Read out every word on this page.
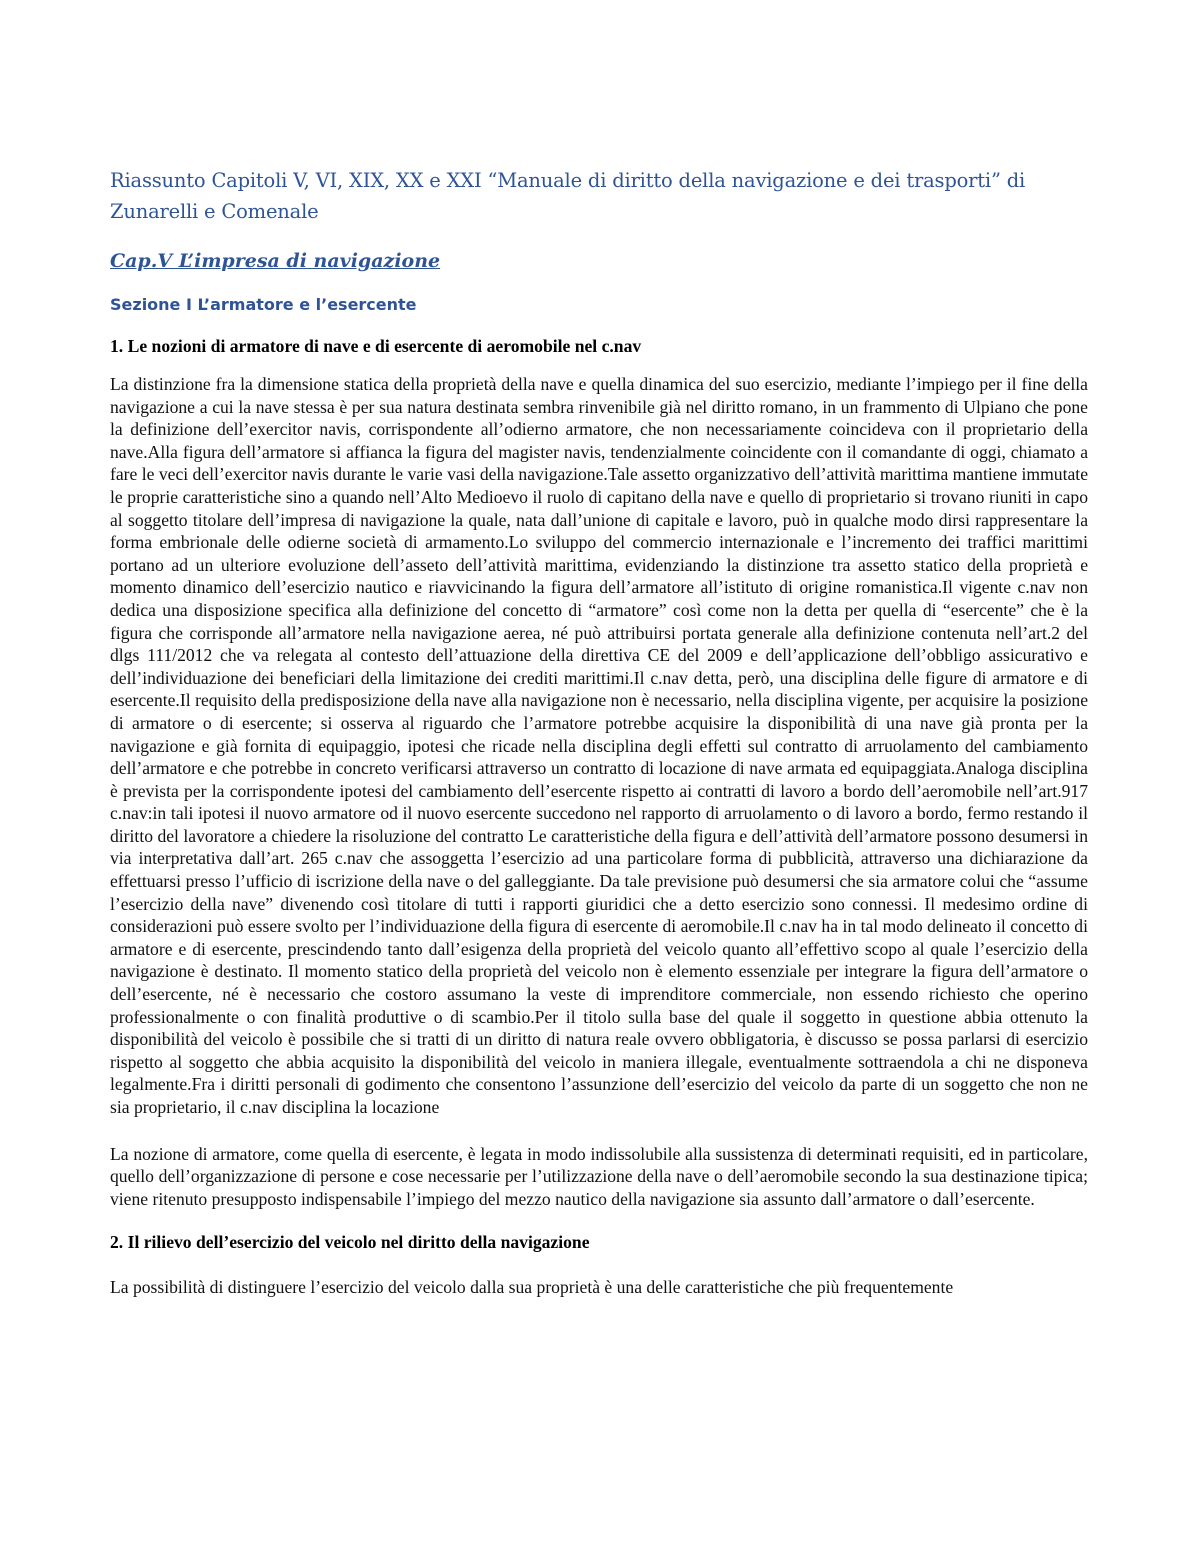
Riassunto Capitoli V, VI, XIX, XX e XXI “Manuale di diritto della navigazione e dei trasporti” di Zunarelli e Comenale
Cap.V L’impresa di navigazione
Sezione I L’armatore e l’esercente
1. Le nozioni di armatore di nave e di esercente di aeromobile nel c.nav

La distinzione fra la dimensione statica della proprietà della nave e quella dinamica del suo esercizio, mediante l’impiego per il fine della navigazione a cui la nave stessa è per sua natura destinata sembra rinvenibile già nel diritto romano, in un frammento di Ulpiano che pone la definizione dell’exercitor navis, corrispondente all’odierno armatore, che non necessariamente coincideva con il proprietario della nave.Alla figura dell’armatore si affianca la figura del magister navis, tendenzialmente coincidente con il comandante di oggi, chiamato a fare le veci dell’exercitor navis durante le varie vasi della navigazione.Tale assetto organizzativo dell’attività marittima mantiene immutate le proprie caratteristiche sino a quando nell’Alto Medioevo il ruolo di capitano della nave e quello di proprietario si trovano riuniti in capo al soggetto titolare dell’impresa di navigazione la quale, nata dall’unione di capitale e lavoro, può in qualche modo dirsi rappresentare la forma embrionale delle odierne società di armamento.Lo sviluppo del commercio internazionale e l’incremento dei traffici marittimi portano ad un ulteriore evoluzione dell’asseto dell’attività marittima, evidenziando la distinzione tra assetto statico della proprietà e momento dinamico dell’esercizio nautico e riavvicinando la figura dell’armatore all’istituto di origine romanistica.Il vigente c.nav non dedica una disposizione specifica alla definizione del concetto di “armatore” così come non la detta per quella di “esercente” che è la figura che corrisponde all’armatore nella navigazione aerea, né può attribuirsi portata generale alla definizione contenuta nell’art.2 del dlgs 111/2012 che va relegata al contesto dell’attuazione della direttiva CE del 2009 e dell’applicazione dell’obbligo assicurativo e dell’individuazione dei beneficiari della limitazione dei crediti marittimi.Il c.nav detta, però, una disciplina delle figure di armatore e di esercente.Il requisito della predisposizione della nave alla navigazione non è necessario, nella disciplina vigente, per acquisire la posizione di armatore o di esercente; si osserva al riguardo che l’armatore potrebbe acquisire la disponibilità di una nave già pronta per la navigazione e già fornita di equipaggio, ipotesi che ricade nella disciplina degli effetti sul contratto di arruolamento del cambiamento dell’armatore e che potrebbe in concreto verificarsi attraverso un contratto di locazione di nave armata ed equipaggiata.Analoga disciplina è prevista per la corrispondente ipotesi del cambiamento dell’esercente rispetto ai contratti di lavoro a bordo dell’aeromobile nell’art.917 c.nav:in tali ipotesi il nuovo armatore od il nuovo esercente succedono nel rapporto di arruolamento o di lavoro a bordo, fermo restando il diritto del lavoratore a chiedere la risoluzione del contratto Le caratteristiche della figura e dell’attività dell’armatore possono desumersi in via interpretativa dall’art. 265 c.nav che assoggetta l’esercizio ad una particolare forma di pubblicità, attraverso una dichiarazione da effettuarsi presso l’ufficio di iscrizione della nave o del galleggiante. Da tale previsione può desumersi che sia armatore colui che “assume l’esercizio della nave” divenendo così titolare di tutti i rapporti giuridici che a detto esercizio sono connessi. Il medesimo ordine di considerazioni può essere svolto per l’individuazione della figura di esercente di aeromobile.Il c.nav ha in tal modo delineato il concetto di armatore e di esercente, prescindendo tanto dall’esigenza della proprietà del veicolo quanto all’effettivo scopo al quale l’esercizio della navigazione è destinato. Il momento statico della proprietà del veicolo non è elemento essenziale per integrare la figura dell’armatore o dell’esercente, né è necessario che costoro assumano la veste di imprenditore commerciale, non essendo richiesto che operino professionalmente o con finalità produttive o di scambio.Per il titolo sulla base del quale il soggetto in questione abbia ottenuto la disponibilità del veicolo è possibile che si tratti di un diritto di natura reale ovvero obbligatoria, è discusso se possa parlarsi di esercizio rispetto al soggetto che abbia acquisito la disponibilità del veicolo in maniera illegale, eventualmente sottraendola a chi ne disponeva legalmente.Fra i diritti personali di godimento che consentono l’assunzione dell’esercizio del veicolo da parte di un soggetto che non ne sia proprietario, il c.nav disciplina la locazione

La nozione di armatore, come quella di esercente, è legata in modo indissolubile alla sussistenza di determinati requisiti, ed in particolare, quello dell’organizzazione di persone e cose necessarie per l’utilizzazione della nave o dell’aeromobile secondo la sua destinazione tipica; viene ritenuto presupposto indispensabile l’impiego del mezzo nautico della navigazione sia assunto dall’armatore o dall’esercente.

2. Il rilievo dell’esercizio del veicolo nel diritto della navigazione

La possibilità di distinguere l’esercizio del veicolo dalla sua proprietà è una delle caratteristiche che più frequentemente
